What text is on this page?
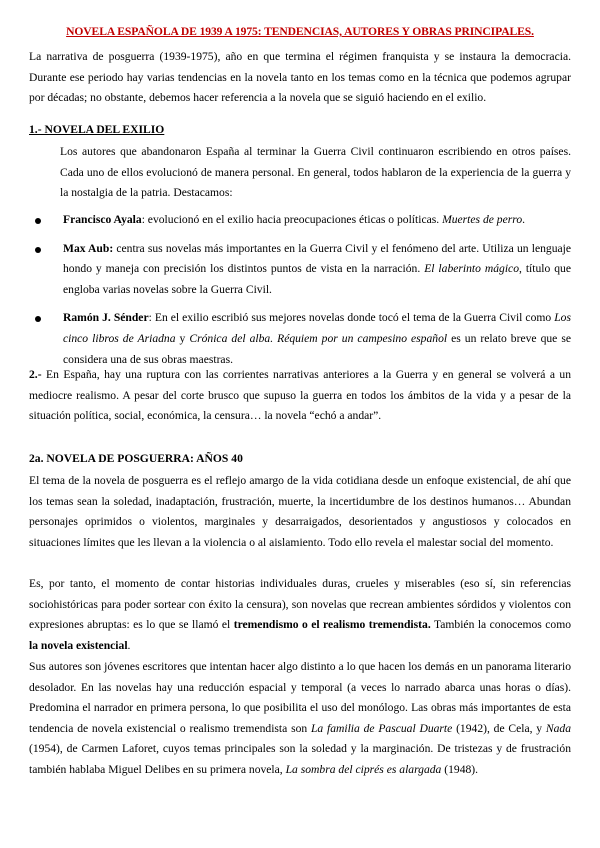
NOVELA ESPAÑOLA DE 1939 A 1975: TENDENCIAS, AUTORES Y OBRAS PRINCIPALES.
La narrativa de posguerra (1939-1975), año en que termina el régimen franquista y se instaura la democracia. Durante ese periodo hay varias tendencias en la novela tanto en los temas como en la técnica que podemos agrupar por décadas; no obstante, debemos hacer referencia a la novela que se siguió haciendo en el exilio.
1.- NOVELA DEL EXILIO
Los autores que abandonaron España al terminar la Guerra Civil continuaron escribiendo en otros países. Cada uno de ellos evolucionó de manera personal. En general, todos hablaron de la experiencia de la guerra y la nostalgia de la patria. Destacamos:
Francisco Ayala: evolucionó en el exilio hacia preocupaciones éticas o políticas. Muertes de perro.
Max Aub: centra sus novelas más importantes en la Guerra Civil y el fenómeno del arte. Utiliza un lenguaje hondo y maneja con precisión los distintos puntos de vista en la narración. El laberinto mágico, título que engloba varias novelas sobre la Guerra Civil.
Ramón J. Sénder: En el exilio escribió sus mejores novelas donde tocó el tema de la Guerra Civil como Los cinco libros de Ariadna y Crónica del alba. Réquiem por un campesino español es un relato breve que se considera una de sus obras maestras.
2.- En España, hay una ruptura con las corrientes narrativas anteriores a la Guerra y en general se volverá a un mediocre realismo. A pesar del corte brusco que supuso la guerra en todos los ámbitos de la vida y a pesar de la situación política, social, económica, la censura… la novela “echó a andar”.
2a. NOVELA DE POSGUERRA: AÑOS 40
El tema de la novela de posguerra es el reflejo amargo de la vida cotidiana desde un enfoque existencial, de ahí que los temas sean la soledad, inadaptación, frustración, muerte, la incertidumbre de los destinos humanos… Abundan personajes oprimidos o violentos, marginales y desarraigados, desorientados y angustiosos y colocados en situaciones límites que les llevan a la violencia o al aislamiento. Todo ello revela el malestar social del momento.
Es, por tanto, el momento de contar historias individuales duras, crueles y miserables (eso sí, sin referencias sociohistóricas para poder sortear con éxito la censura), son novelas que recrean ambientes sórdidos y violentos con expresiones abruptas: es lo que se llamó el tremendismo o el realismo tremendista. También la conocemos como la novela existencial.
Sus autores son jóvenes escritores que intentan hacer algo distinto a lo que hacen los demás en un panorama literario desolador. En las novelas hay una reducción espacial y temporal (a veces lo narrado abarca unas horas o días). Predomina el narrador en primera persona, lo que posibilita el uso del monólogo. Las obras más importantes de esta tendencia de novela existencial o realismo tremendista son La familia de Pascual Duarte (1942), de Cela, y Nada (1954), de Carmen Laforet, cuyos temas principales son la soledad y la marginación. De tristezas y de frustración también hablaba Miguel Delibes en su primera novela, La sombra del ciprés es alargada (1948).
